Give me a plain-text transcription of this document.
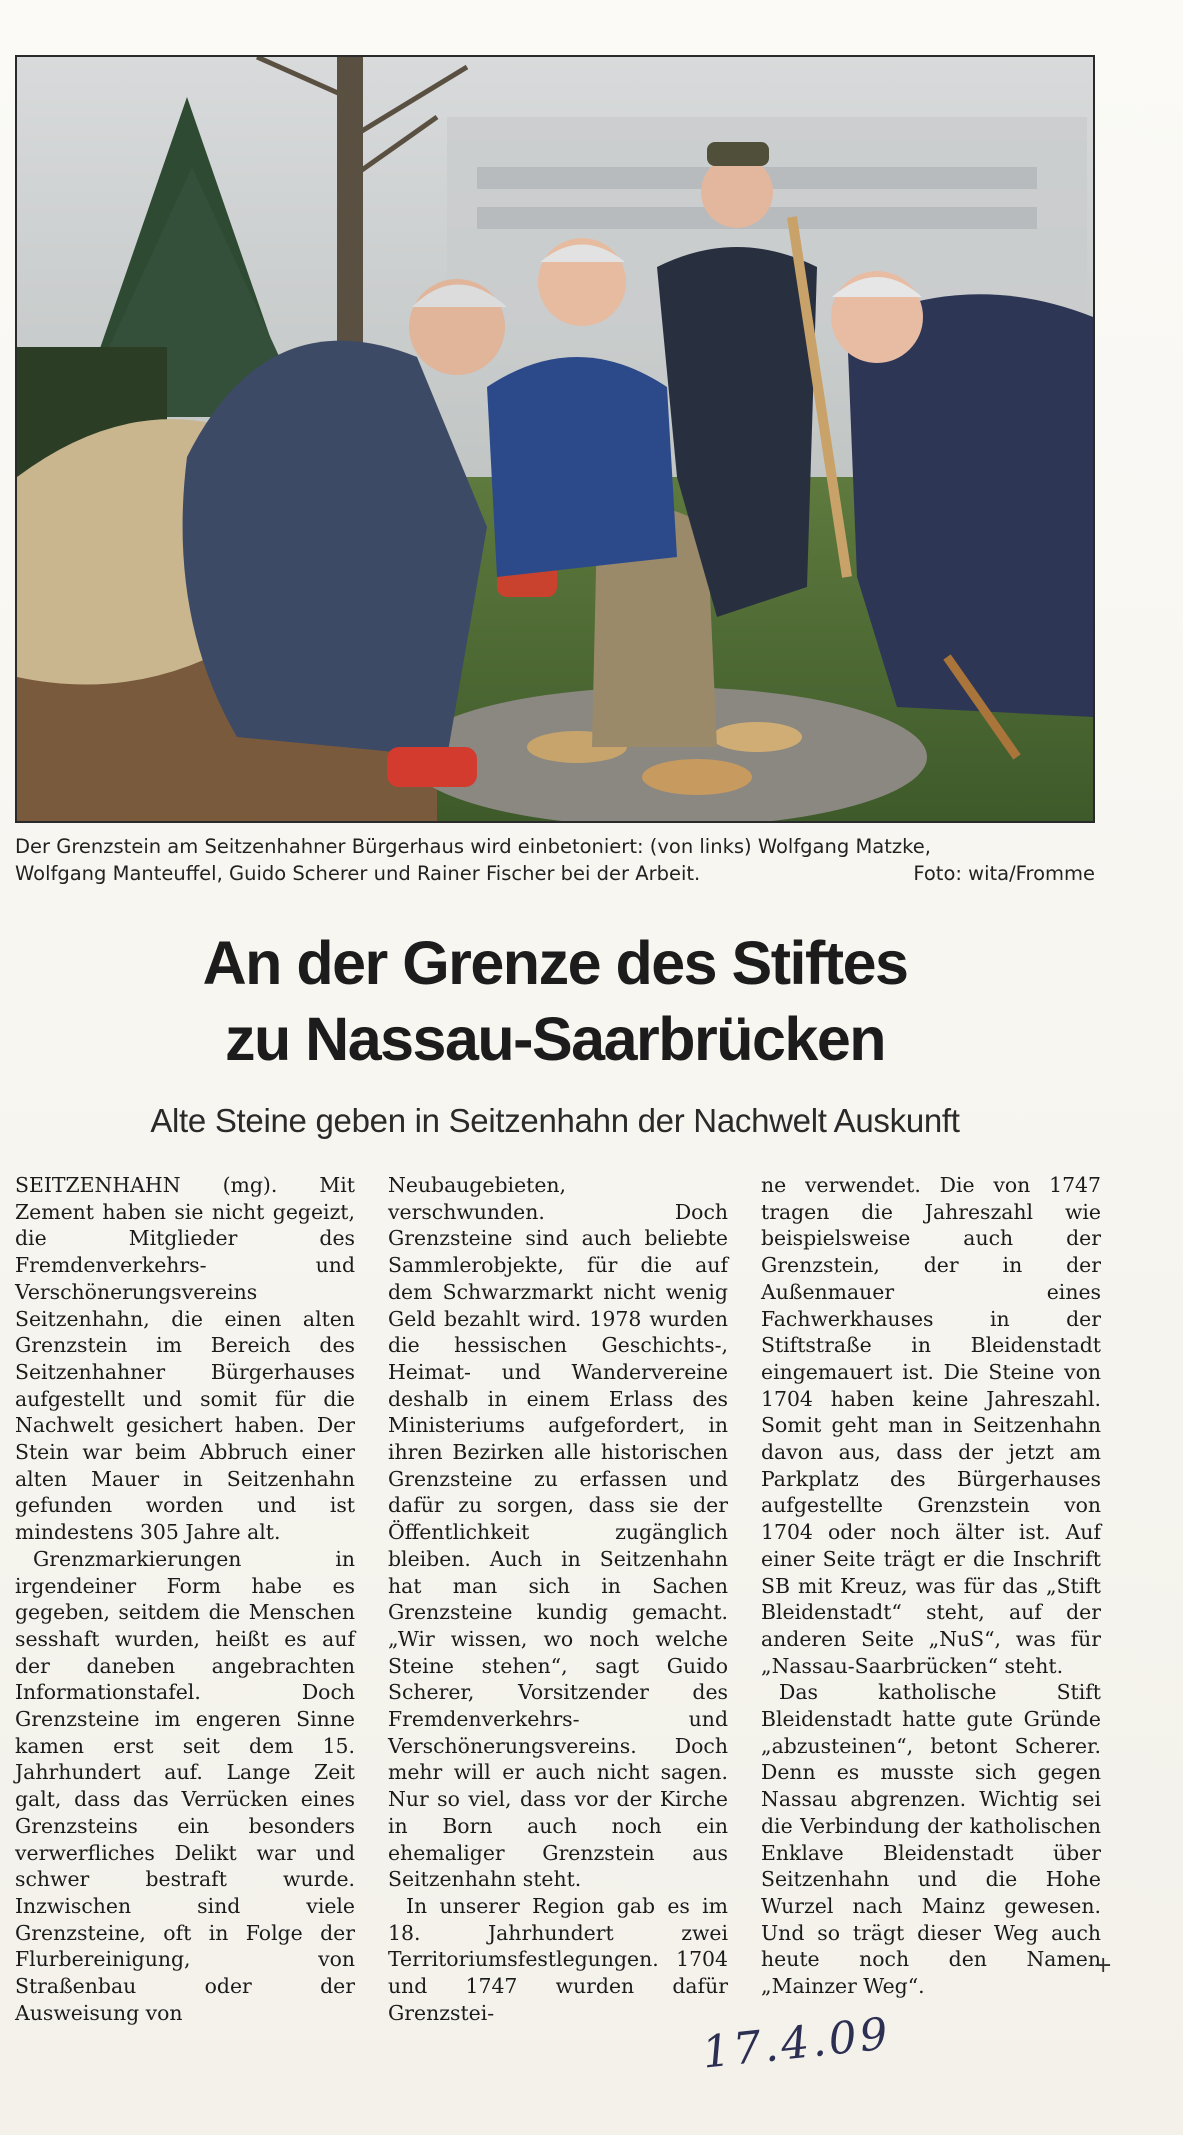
Der Grenzstein am Seitzenhahner Bürgerhaus wird einbetoniert: (von links) Wolfgang Matzke,
Wolfgang Manteuffel, Guido Scherer und Rainer Fischer bei der Arbeit.	Foto: wita/Fromme
An der Grenze des Stiftes
zu Nassau-Saarbrücken
Alte Steine geben in Seitzenhahn der Nachwelt Auskunft

SEITZENHAHN (mg). Mit Zement haben sie nicht gegeizt, die Mitglieder des Fremdenverkehrs- und Verschönerungsvereins Seitzenhahn, die einen alten Grenzstein im Bereich des Seitzenhahner Bürgerhauses aufgestellt und somit für die Nachwelt gesichert haben. Der Stein war beim Abbruch einer alten Mauer in Seitzenhahn gefunden worden und ist mindestens 305 Jahre alt.

Grenzmarkierungen in irgendeiner Form habe es gegeben, seitdem die Menschen sesshaft wurden, heißt es auf der daneben angebrachten Informationstafel. Doch Grenzsteine im engeren Sinne kamen erst seit dem 15. Jahrhundert auf. Lange Zeit galt, dass das Verrücken eines Grenzsteins ein besonders verwerfliches Delikt war und schwer bestraft wurde. Inzwischen sind viele Grenzsteine, oft in Folge der Flurbereinigung, von Straßenbau oder der Ausweisung von

Neubaugebieten, verschwunden. Doch Grenzsteine sind auch beliebte Sammlerobjekte, für die auf dem Schwarzmarkt nicht wenig Geld bezahlt wird. 1978 wurden die hessischen Geschichts-, Heimat- und Wandervereine deshalb in einem Erlass des Ministeriums aufgefordert, in ihren Bezirken alle historischen Grenzsteine zu erfassen und dafür zu sorgen, dass sie der Öffentlichkeit zugänglich bleiben. Auch in Seitzenhahn hat man sich in Sachen Grenzsteine kundig gemacht. „Wir wissen, wo noch welche Steine stehen“, sagt Guido Scherer, Vorsitzender des Fremdenverkehrs- und Verschönerungsvereins. Doch mehr will er auch nicht sagen. Nur so viel, dass vor der Kirche in Born auch noch ein ehemaliger Grenzstein aus Seitzenhahn steht.

In unserer Region gab es im 18. Jahrhundert zwei Territoriumsfestlegungen. 1704 und 1747 wurden dafür Grenzstei-

ne verwendet. Die von 1747 tragen die Jahreszahl wie beispielsweise auch der Grenzstein, der in der Außenmauer eines Fachwerkhauses in der Stiftstraße in Bleidenstadt eingemauert ist. Die Steine von 1704 haben keine Jahreszahl. Somit geht man in Seitzenhahn davon aus, dass der jetzt am Parkplatz des Bürgerhauses aufgestellte Grenzstein von 1704 oder noch älter ist. Auf einer Seite trägt er die Inschrift SB mit Kreuz, was für das „Stift Bleidenstadt“ steht, auf der anderen Seite „NuS“, was für „Nassau-Saarbrücken“ steht.

Das katholische Stift Bleidenstadt hatte gute Gründe „abzusteinen“, betont Scherer. Denn es musste sich gegen Nassau abgrenzen. Wichtig sei die Verbindung der katholischen Enklave Bleidenstadt über Seitzenhahn und die Hohe Wurzel nach Mainz gewesen. Und so trägt dieser Weg auch heute noch den Namen „Mainzer Weg“.

+
17.4.09
